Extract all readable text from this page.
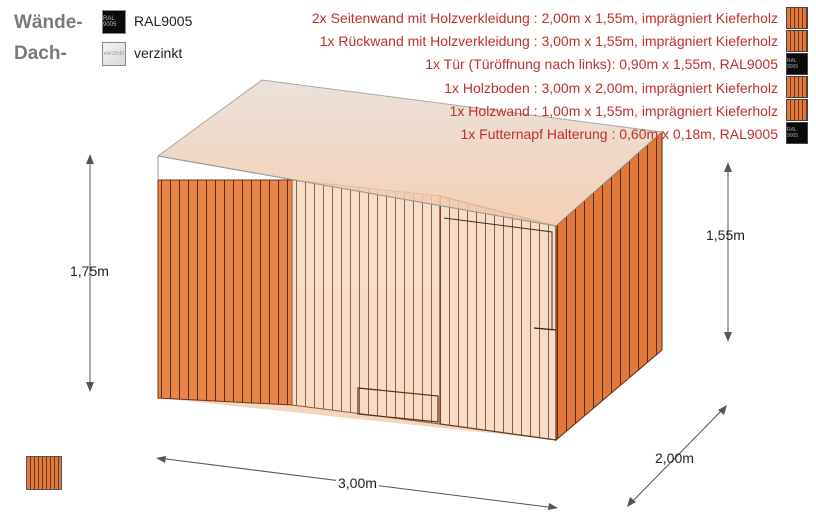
Wände-
Dach-
RAL 9005
verzinkt
RAL9005
verzinkt
2x Seitenwand mit Holzverkleidung : 2,00m x 1,55m, imprägniert Kieferholz
1x Rückwand mit Holzverkleidung : 3,00m x 1,55m, imprägniert Kieferholz
1x Tür (Türöffnung nach links): 0,90m x 1,55m, RAL9005
1x Holzboden : 3,00m x 2,00m, imprägniert Kieferholz
1x Holzwand : 1,00m x 1,55m, imprägniert Kieferholz
1x Futternapf Halterung : 0,60m x 0,18m, RAL9005
RAL 9005
RAL 9005
1,75m
1,55m
3,00m
2,00m
